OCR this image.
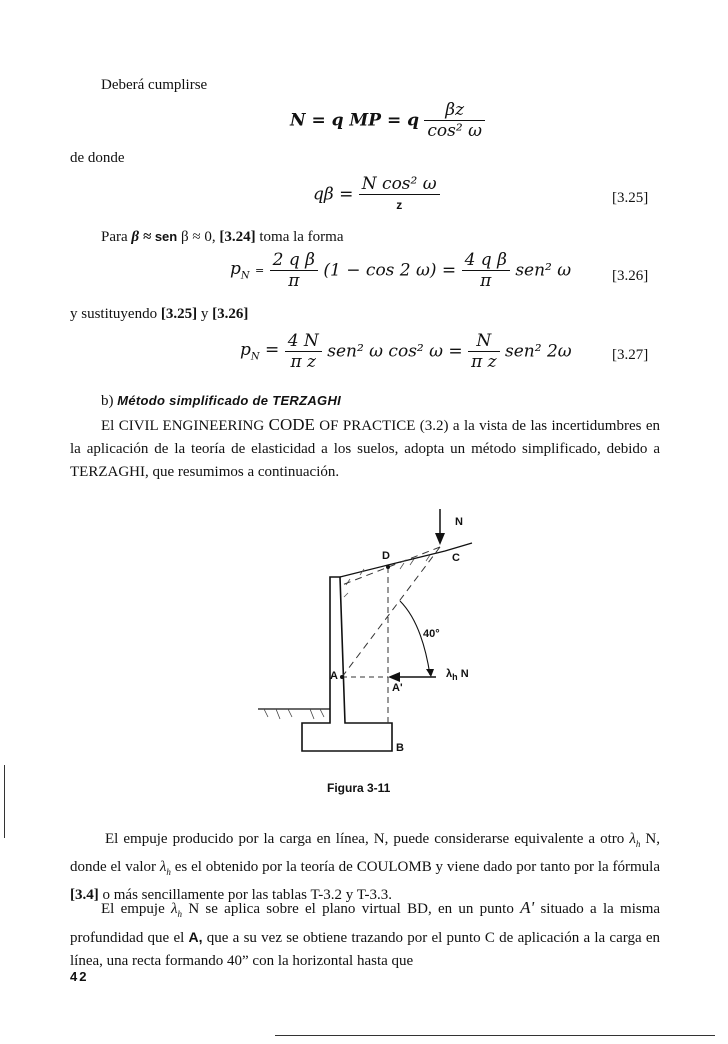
Deberá cumplirse
N = q MP = q $\frac{\beta z}{\text{cos² ω}}$
de donde
$q\beta = \frac{\text{N cos² ω}}{z}$	[3.25]
Para β ≈ sen β ≈ 0, [3.24] toma la forma
$p_N = \frac{\text{2 q β}}{\pi} (1 - \cos 2$ $\omega) = \frac{\text{4 q β}}{\pi} sen^2$ ω	[3.26]
y sustituyendo [3.25] y [3.26]
$p_N = \frac{4 N}{\text{π z}} sen^2$ ω cos² $\omega = \frac{N}{\text{π z}} sen^2$ 2ω	[3.27]
b) Método simplificado de TERZAGHI
El CIVIL ENGINEERING CODE OF PRACTICE (3.2) a la vista de las incertidumbres en la aplicación de la teoría de elasticidad a los suelos, adopta un método simplificado, debido a TERZAGHI, que resumimos a continuación.
N
C
D
A
A'
B
40°
$\lambda_h$ N
Figura 3-11
El empuje producido por la carga en línea, N, puede considerarse equivalente a otro $\lambda_h$ N, donde el valor $\lambda_h$ es el obtenido por la teoría de COULOMB y viene dado por tanto por la fórmula [3.4] o más sencillamente por las tablas T-3.2 y T-3.3.
El empuje $\lambda_h$ N se aplica sobre el plano virtual BD, en un punto A' situado a la misma profundidad que el A, que a su vez se obtiene trazando por el punto C de aplicación a la carga en línea, una recta formando 40” con la horizontal hasta que
42
